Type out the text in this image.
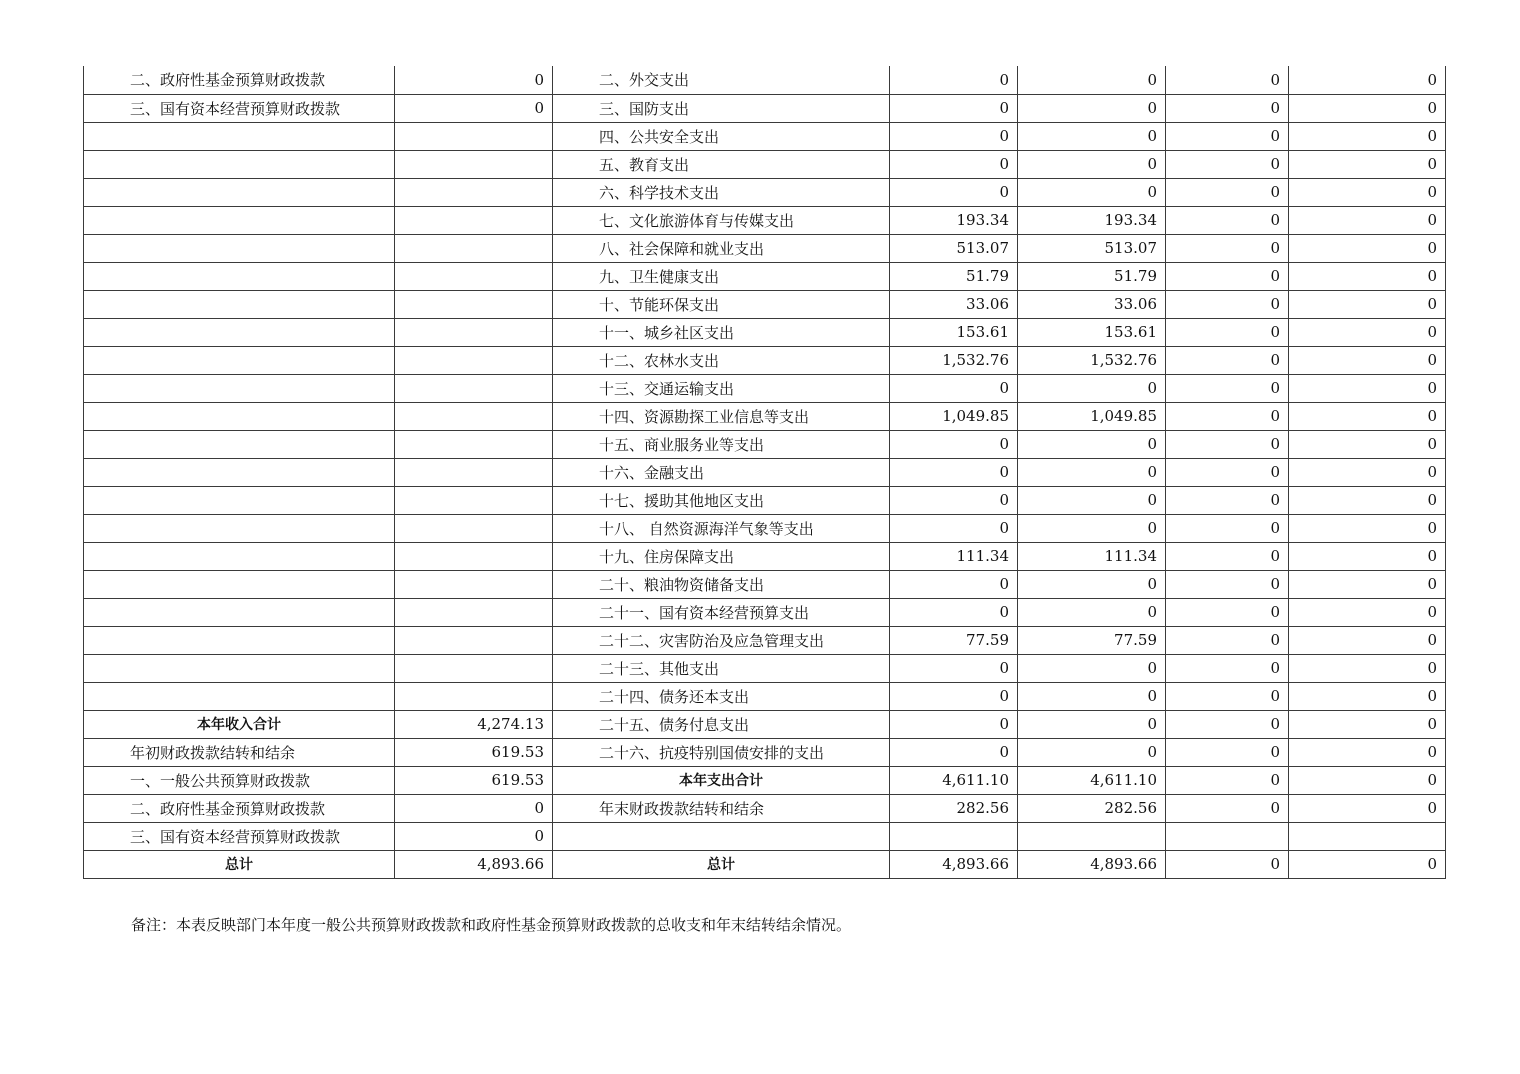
二、政府性基金预算财政拨款	0	二、外交支出	0	0	0	0
三、国有资本经营预算财政拨款	0	三、国防支出	0	0	0	0
		四、公共安全支出	0	0	0	0
		五、教育支出	0	0	0	0
		六、科学技术支出	0	0	0	0
		七、文化旅游体育与传媒支出	193.34	193.34	0	0
		八、社会保障和就业支出	513.07	513.07	0	0
		九、卫生健康支出	51.79	51.79	0	0
		十、节能环保支出	33.06	33.06	0	0
		十一、城乡社区支出	153.61	153.61	0	0
		十二、农林水支出	1,532.76	1,532.76	0	0
		十三、交通运输支出	0	0	0	0
		十四、资源勘探工业信息等支出	1,049.85	1,049.85	0	0
		十五、商业服务业等支出	0	0	0	0
		十六、金融支出	0	0	0	0
		十七、援助其他地区支出	0	0	0	0
		十八、 自然资源海洋气象等支出	0	0	0	0
		十九、住房保障支出	111.34	111.34	0	0
		二十、粮油物资储备支出	0	0	0	0
		二十一、国有资本经营预算支出	0	0	0	0
		二十二、灾害防治及应急管理支出	77.59	77.59	0	0
		二十三、其他支出	0	0	0	0
		二十四、债务还本支出	0	0	0	0
本年收入合计	4,274.13	二十五、债务付息支出	0	0	0	0
年初财政拨款结转和结余	619.53	二十六、抗疫特别国债安排的支出	0	0	0	0
一、一般公共预算财政拨款	619.53	本年支出合计	4,611.10	4,611.10	0	0
二、政府性基金预算财政拨款	0	年末财政拨款结转和结余	282.56	282.56	0	0
三、国有资本经营预算财政拨款	0					
总计	4,893.66	总计	4,893.66	4,893.66	0	0
备注：本表反映部门本年度一般公共预算财政拨款和政府性基金预算财政拨款的总收支和年末结转结余情况。
